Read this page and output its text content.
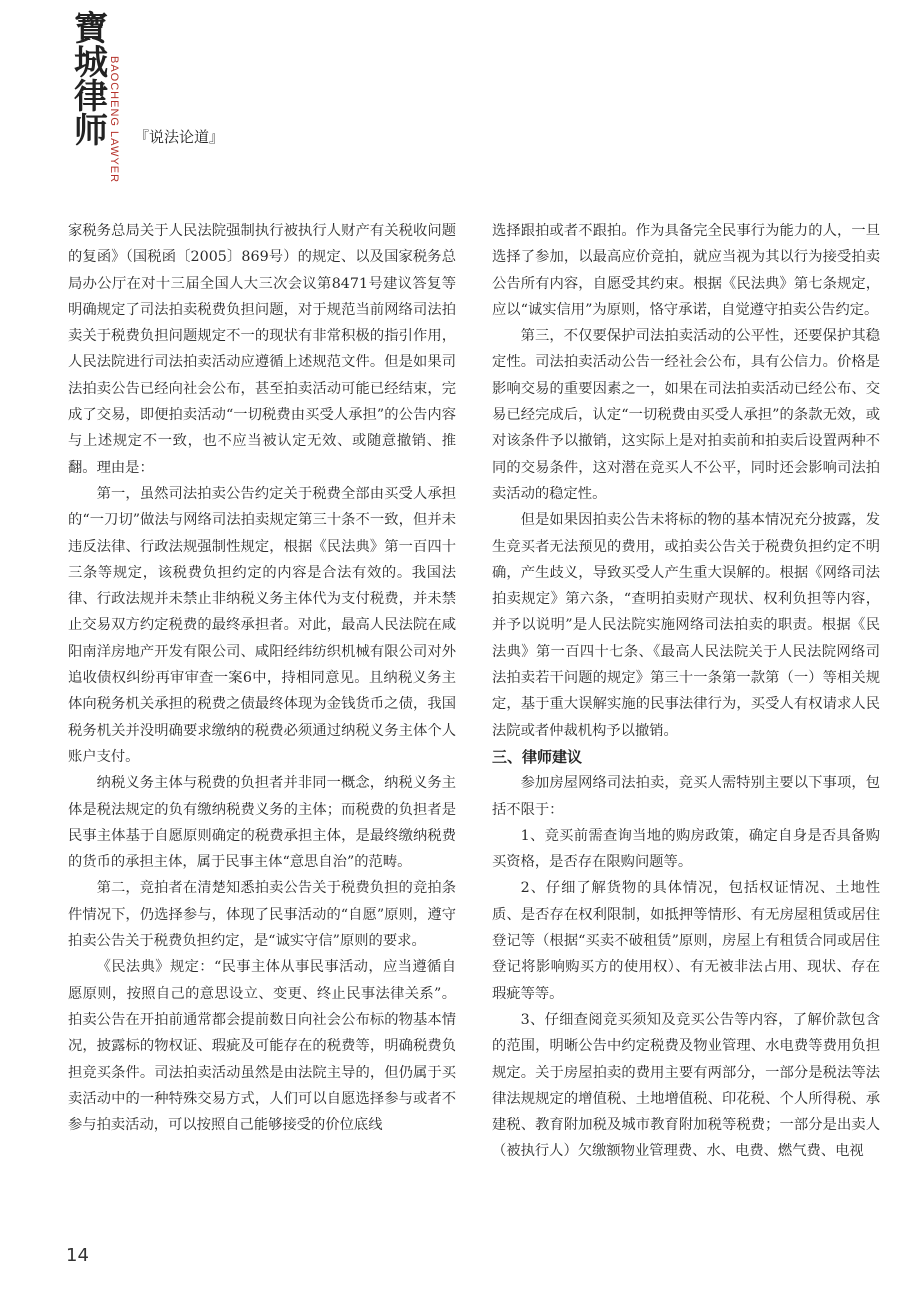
寶城律师 BAOCHENG LAWYER 『说法论道』

家税务总局关于人民法院强制执行被执行人财产有关税收问题的复函》（国税函〔2005〕869号）的规定、以及国家税务总局办公厅在对十三届全国人大三次会议第8471号建议答复等明确规定了司法拍卖税费负担问题，对于规范当前网络司法拍卖关于税费负担问题规定不一的现状有非常积极的指引作用，人民法院进行司法拍卖活动应遵循上述规范文件。但是如果司法拍卖公告已经向社会公布，甚至拍卖活动可能已经结束，完成了交易，即便拍卖活动“一切税费由买受人承担”的公告内容与上述规定不一致，也不应当被认定无效、或随意撤销、推翻。理由是：

第一，虽然司法拍卖公告约定关于税费全部由买受人承担的“一刀切”做法与网络司法拍卖规定第三十条不一致，但并未违反法律、行政法规强制性规定，根据《民法典》第一百四十三条等规定，该税费负担约定的内容是合法有效的。我国法律、行政法规并未禁止非纳税义务主体代为支付税费，并未禁止交易双方约定税费的最终承担者。对此，最高人民法院在咸阳南洋房地产开发有限公司、咸阳经纬纺织机械有限公司对外追收债权纠纷再审审查一案6中，持相同意见。且纳税义务主体向税务机关承担的税费之债最终体现为金钱货币之债，我国税务机关并没明确要求缴纳的税费必须通过纳税义务主体个人账户支付。

纳税义务主体与税费的负担者并非同一概念，纳税义务主体是税法规定的负有缴纳税费义务的主体；而税费的负担者是民事主体基于自愿原则确定的税费承担主体，是最终缴纳税费的货币的承担主体，属于民事主体“意思自治”的范畴。

第二，竞拍者在清楚知悉拍卖公告关于税费负担的竞拍条件情况下，仍选择参与，体现了民事活动的“自愿”原则，遵守拍卖公告关于税费负担约定，是“诚实守信”原则的要求。

《民法典》规定：“民事主体从事民事活动，应当遵循自愿原则，按照自己的意思设立、变更、终止民事法律关系”。拍卖公告在开拍前通常都会提前数日向社会公布标的物基本情况，披露标的物权证、瑕疵及可能存在的税费等，明确税费负担竞买条件。司法拍卖活动虽然是由法院主导的，但仍属于买卖活动中的一种特殊交易方式，人们可以自愿选择参与或者不参与拍卖活动，可以按照自己能够接受的价位底线

选择跟拍或者不跟拍。作为具备完全民事行为能力的人，一旦选择了参加，以最高应价竞拍，就应当视为其以行为接受拍卖公告所有内容，自愿受其约束。根据《民法典》第七条规定，应以“诚实信用”为原则，恪守承诺，自觉遵守拍卖公告约定。

第三，不仅要保护司法拍卖活动的公平性，还要保护其稳定性。司法拍卖活动公告一经社会公布，具有公信力。价格是影响交易的重要因素之一，如果在司法拍卖活动已经公布、交易已经完成后，认定“一切税费由买受人承担”的条款无效，或对该条件予以撤销，这实际上是对拍卖前和拍卖后设置两种不同的交易条件，这对潜在竞买人不公平，同时还会影响司法拍卖活动的稳定性。

但是如果因拍卖公告未将标的物的基本情况充分披露，发生竞买者无法预见的费用，或拍卖公告关于税费负担约定不明确，产生歧义，导致买受人产生重大误解的。根据《网络司法拍卖规定》第六条，“查明拍卖财产现状、权利负担等内容，并予以说明”是人民法院实施网络司法拍卖的职责。根据《民法典》第一百四十七条、《最高人民法院关于人民法院网络司法拍卖若干问题的规定》第三十一条第一款第（一）等相关规定，基于重大误解实施的民事法律行为，买受人有权请求人民法院或者仲裁机构予以撤销。

三、律师建议

参加房屋网络司法拍卖，竞买人需特别主要以下事项，包括不限于：

1、竞买前需查询当地的购房政策，确定自身是否具备购买资格，是否存在限购问题等。

2、仔细了解货物的具体情况，包括权证情况、土地性质、是否存在权利限制，如抵押等情形、有无房屋租赁或居住登记等（根据“买卖不破租赁”原则，房屋上有租赁合同或居住登记将影响购买方的使用权）、有无被非法占用、现状、存在瑕疵等等。

3、仔细查阅竞买须知及竞买公告等内容，了解价款包含的范围，明晰公告中约定税费及物业管理、水电费等费用负担规定。关于房屋拍卖的费用主要有两部分，一部分是税法等法律法规规定的增值税、土地增值税、印花税、个人所得税、承建税、教育附加税及城市教育附加税等税费；一部分是出卖人（被执行人）欠缴额物业管理费、水、电费、燃气费、电视

14
